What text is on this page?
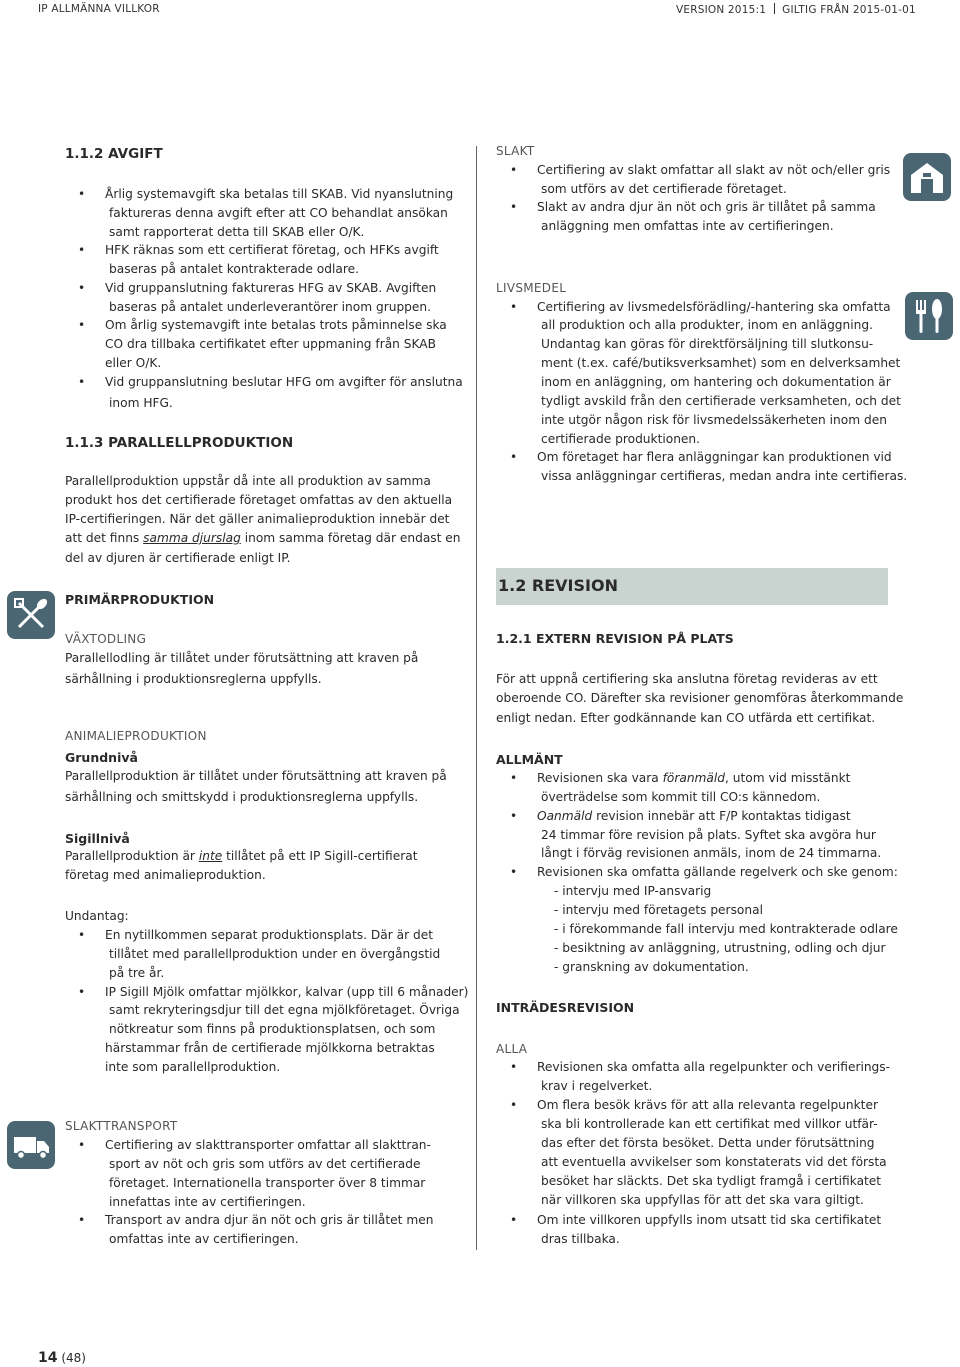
IP ALLMÄNNA VILLKOR	VERSION 2015:1 GILTIG FRÅN 2015-01-01
1.1.2 AVGIFT
• Årlig systemavgift ska betalas till SKAB. Vid nyanslutning
faktureras denna avgift efter att CO behandlat ansökan
samt rapporterat detta till SKAB eller O/K.
• HFK räknas som ett certifierat företag, och HFKs avgift
baseras på antalet kontrakterade odlare.
• Vid gruppanslutning faktureras HFG av SKAB. Avgiften
baseras på antalet underleverantörer inom gruppen.
• Om årlig systemavgift inte betalas trots påminnelse ska
CO dra tillbaka certifikatet efter uppmaning från SKAB
eller O/K.
• Vid gruppanslutning beslutar HFG om avgifter för anslutna
inom HFG.
1.1.3 PARALLELLPRODUKTION
Parallellproduktion uppstår då inte all produktion av samma
produkt hos det certifierade företaget omfattas av den aktuella
IP-certifieringen. När det gäller animalieproduktion innebär det
att det finns samma djurslag inom samma företag där endast en
del av djuren är certifierade enligt IP.
PRIMÄRPRODUKTION
VÄXTODLING
Parallellodling är tillåtet under förutsättning att kraven på
särhållning i produktionsreglerna uppfylls.
ANIMALIEPRODUKTION
Grundnivå
Parallellproduktion är tillåtet under förutsättning att kraven på
särhållning och smittskydd i produktionsreglerna uppfylls.
Sigillnivå
Parallellproduktion är inte tillåtet på ett IP Sigill-certifierat
företag med animalieproduktion.
Undantag:
• En nytillkommen separat produktionsplats. Där är det
tillåtet med parallellproduktion under en övergångstid
på tre år.
• IP Sigill Mjölk omfattar mjölkkor, kalvar (upp till 6 månader)
samt rekryteringsdjur till det egna mjölkföretaget. Övriga
nötkreatur som finns på produktionsplatsen, och som
härstammar från de certifierade mjölkkorna betraktas
inte som parallellproduktion.
SLAKTTRANSPORT
• Certifiering av slakttransporter omfattar all slakttran-
sport av nöt och gris som utförs av det certifierade
företaget. Internationella transporter över 8 timmar
innefattas inte av certifieringen.
• Transport av andra djur än nöt och gris är tillåtet men
omfattas inte av certifieringen.
SLAKT
• Certifiering av slakt omfattar all slakt av nöt och/eller gris
som utförs av det certifierade företaget.
• Slakt av andra djur än nöt och gris är tillåtet på samma
anläggning men omfattas inte av certifieringen.
LIVSMEDEL
• Certifiering av livsmedelsförädling/-hantering ska omfatta
all produktion och alla produkter, inom en anläggning.
Undantag kan göras för direktförsäljning till slutkonsu-
ment (t.ex. café/butiksverksamhet) som en delverksamhet
inom en anläggning, om hantering och dokumentation är
tydligt avskild från den certifierade verksamheten, och det
inte utgör någon risk för livsmedelssäkerheten inom den
certifierade produktionen.
• Om företaget har flera anläggningar kan produktionen vid
vissa anläggningar certifieras, medan andra inte certifieras.
1.2 REVISION
1.2.1 EXTERN REVISION PÅ PLATS
För att uppnå certifiering ska anslutna företag revideras av ett
oberoende CO. Därefter ska revisioner genomföras återkommande
enligt nedan. Efter godkännande kan CO utfärda ett certifikat.
ALLMÄNT
• Revisionen ska vara föranmäld, utom vid misstänkt
överträdelse som kommit till CO:s kännedom.
• Oanmäld revision innebär att F/P kontaktas tidigast
24 timmar före revision på plats. Syftet ska avgöra hur
långt i förväg revisionen anmäls, inom de 24 timmarna.
• Revisionen ska omfatta gällande regelverk och ske genom:
- intervju med IP-ansvarig
- intervju med företagets personal
- i förekommande fall intervju med kontrakterade odlare
- besiktning av anläggning, utrustning, odling och djur
- granskning av dokumentation.
INTRÄDESREVISION
ALLA
• Revisionen ska omfatta alla regelpunkter och verifierings-
krav i regelverket.
• Om flera besök krävs för att alla relevanta regelpunkter
ska bli kontrollerade kan ett certifikat med villkor utfär-
das efter det första besöket. Detta under förutsättning
att eventuella avvikelser som konstaterats vid det första
besöket har släckts. Det ska tydligt framgå i certifikatet
när villkoren ska uppfyllas för att det ska vara giltigt.
• Om inte villkoren uppfylls inom utsatt tid ska certifikatet
dras tillbaka.
14 (48)
